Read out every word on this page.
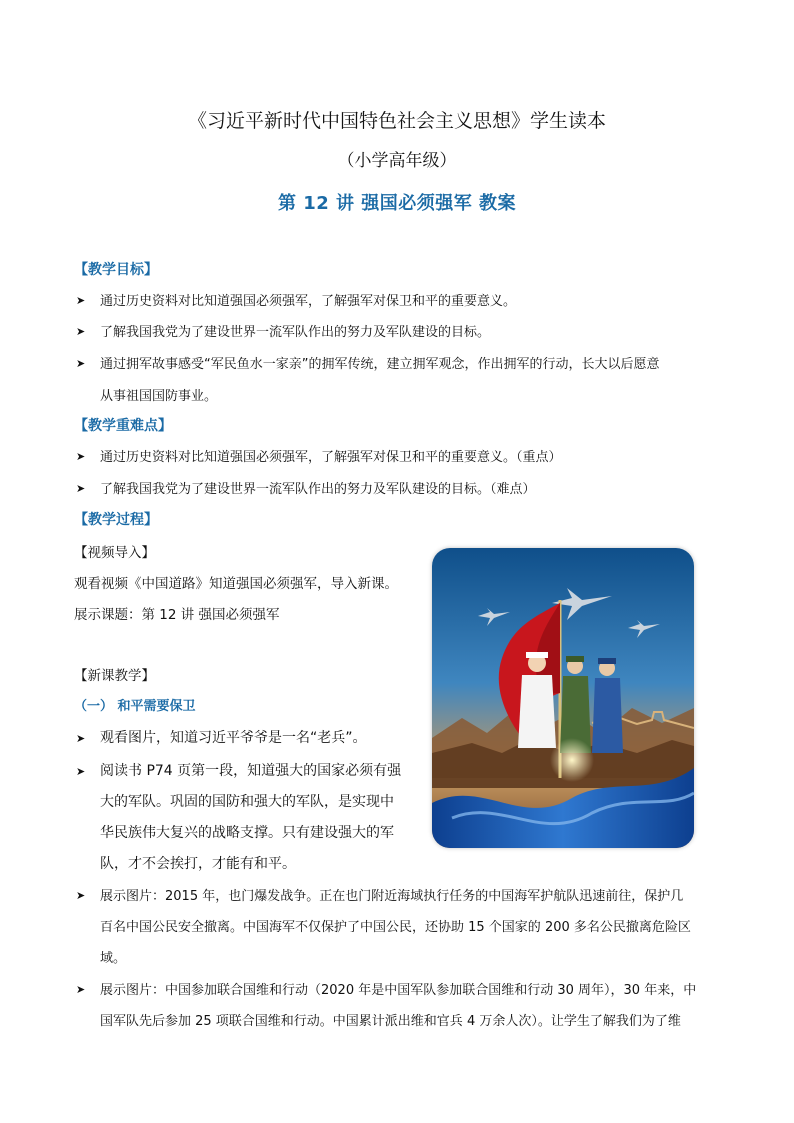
《习近平新时代中国特色社会主义思想》学生读本
（小学高年级）
第 12 讲 强国必须强军 教案
【教学目标】
➤ 通过历史资料对比知道强国必须强军，了解强军对保卫和平的重要意义。
➤ 了解我国我党为了建设世界一流军队作出的努力及军队建设的目标。
➤ 通过拥军故事感受“军民鱼水一家亲”的拥军传统，建立拥军观念，作出拥军的行动，长大以后愿意
从事祖国国防事业。
【教学重难点】
➤ 通过历史资料对比知道强国必须强军，了解强军对保卫和平的重要意义。（重点）
➤ 了解我国我党为了建设世界一流军队作出的努力及军队建设的目标。（难点）
【教学过程】
【视频导入】
观看视频《中国道路》知道强国必须强军，导入新课。
展示课题：第 12 讲 强国必须强军
【新课教学】
（一） 和平需要保卫
➤ 观看图片，知道习近平爷爷是一名“老兵”。
➤ 阅读书 P74 页第一段，知道强大的国家必须有强
大的军队。巩固的国防和强大的军队，是实现中
华民族伟大复兴的战略支撑。只有建设强大的军
队，才不会挨打，才能有和平。
➤ 展示图片：2015 年，也门爆发战争。正在也门附近海域执行任务的中国海军护航队迅速前往，保护几
百名中国公民安全撤离。中国海军不仅保护了中国公民，还协助 15 个国家的 200 多名公民撤离危险区
域。
➤ 展示图片：中国参加联合国维和行动（2020 年是中国军队参加联合国维和行动 30 周年），30 年来，中
国军队先后参加 25 项联合国维和行动。中国累计派出维和官兵 4 万余人次）。让学生了解我们为了维
